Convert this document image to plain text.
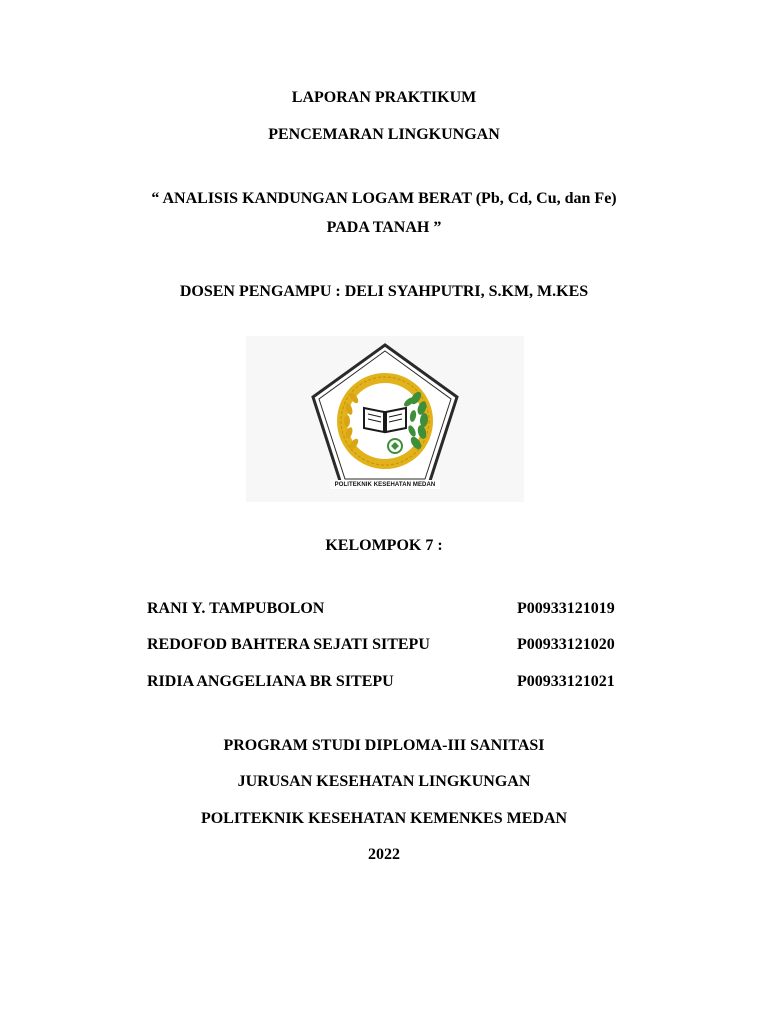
LAPORAN PRAKTIKUM
PENCEMARAN LINGKUNGAN
“ ANALISIS KANDUNGAN LOGAM BERAT (Pb, Cd, Cu, dan Fe)
PADA TANAH ”
DOSEN PENGAMPU : DELI SYAHPUTRI, S.KM, M.KES
POLITEKNIK KESEHATAN MEDAN
KELOMPOK 7 :
RANI Y. TAMPUBOLON	P00933121019
REDOFOD BAHTERA SEJATI SITEPU	P00933121020
RIDIA ANGGELIANA BR SITEPU	P00933121021
PROGRAM STUDI DIPLOMA-III SANITASI
JURUSAN KESEHATAN LINGKUNGAN
POLITEKNIK KESEHATAN KEMENKES MEDAN
2022
